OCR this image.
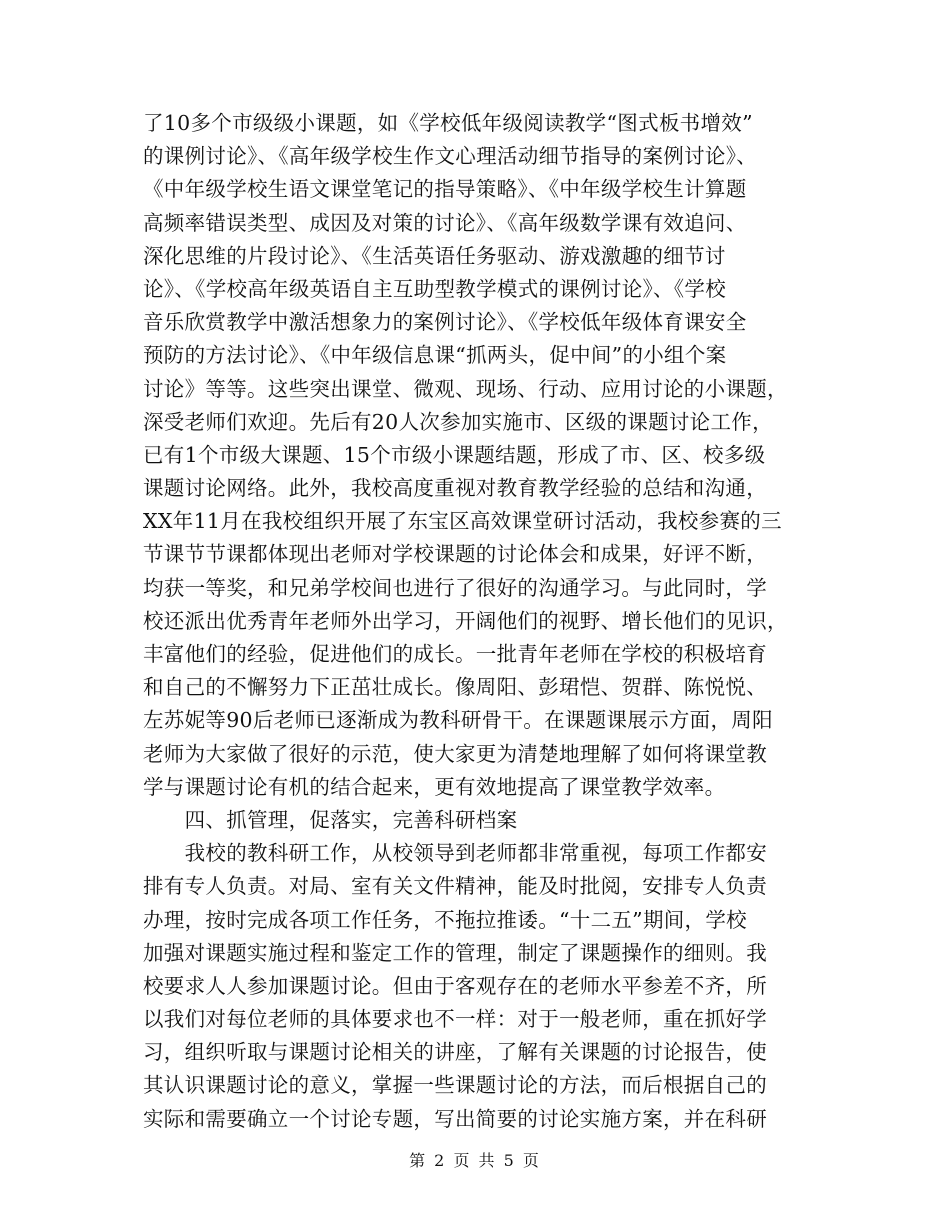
了10多个市级级小课题，如《学校低年级阅读教学“图式板书增效”
的课例讨论》、《高年级学校生作文心理活动细节指导的案例讨论》、
《中年级学校生语文课堂笔记的指导策略》、《中年级学校生计算题
高频率错误类型、成因及对策的讨论》、《高年级数学课有效追问、
深化思维的片段讨论》、《生活英语任务驱动、游戏激趣的细节讨
论》、《学校高年级英语自主互助型教学模式的课例讨论》、《学校
音乐欣赏教学中激活想象力的案例讨论》、《学校低年级体育课安全
预防的方法讨论》、《中年级信息课“抓两头，促中间”的小组个案
讨论》等等。这些突出课堂、微观、现场、行动、应用讨论的小课题，
深受老师们欢迎。先后有20人次参加实施市、区级的课题讨论工作，
已有1个市级大课题、15个市级小课题结题，形成了市、区、校多级
课题讨论网络。此外，我校高度重视对教育教学经验的总结和沟通，
XX年11月在我校组织开展了东宝区高效课堂研讨活动，我校参赛的三
节课节节课都体现出老师对学校课题的讨论体会和成果，好评不断，
均获一等奖，和兄弟学校间也进行了很好的沟通学习。与此同时，学
校还派出优秀青年老师外出学习，开阔他们的视野、增长他们的见识，
丰富他们的经验，促进他们的成长。一批青年老师在学校的积极培育
和自己的不懈努力下正茁壮成长。像周阳、彭珺恺、贺群、陈悦悦、
左苏妮等90后老师已逐渐成为教科研骨干。在课题课展示方面，周阳
老师为大家做了很好的示范，使大家更为清楚地理解了如何将课堂教
学与课题讨论有机的结合起来，更有效地提高了课堂教学效率。
　　四、抓管理，促落实，完善科研档案
　　我校的教科研工作，从校领导到老师都非常重视，每项工作都安
排有专人负责。对局、室有关文件精神，能及时批阅，安排专人负责
办理，按时完成各项工作任务，不拖拉推诿。“十二五”期间，学校
加强对课题实施过程和鉴定工作的管理，制定了课题操作的细则。我
校要求人人参加课题讨论。但由于客观存在的老师水平参差不齐，所
以我们对每位老师的具体要求也不一样：对于一般老师，重在抓好学
习，组织听取与课题讨论相关的讲座，了解有关课题的讨论报告，使
其认识课题讨论的意义，掌握一些课题讨论的方法，而后根据自己的
实际和需要确立一个讨论专题，写出简要的讨论实施方案，并在科研
第 2 页 共 5 页
